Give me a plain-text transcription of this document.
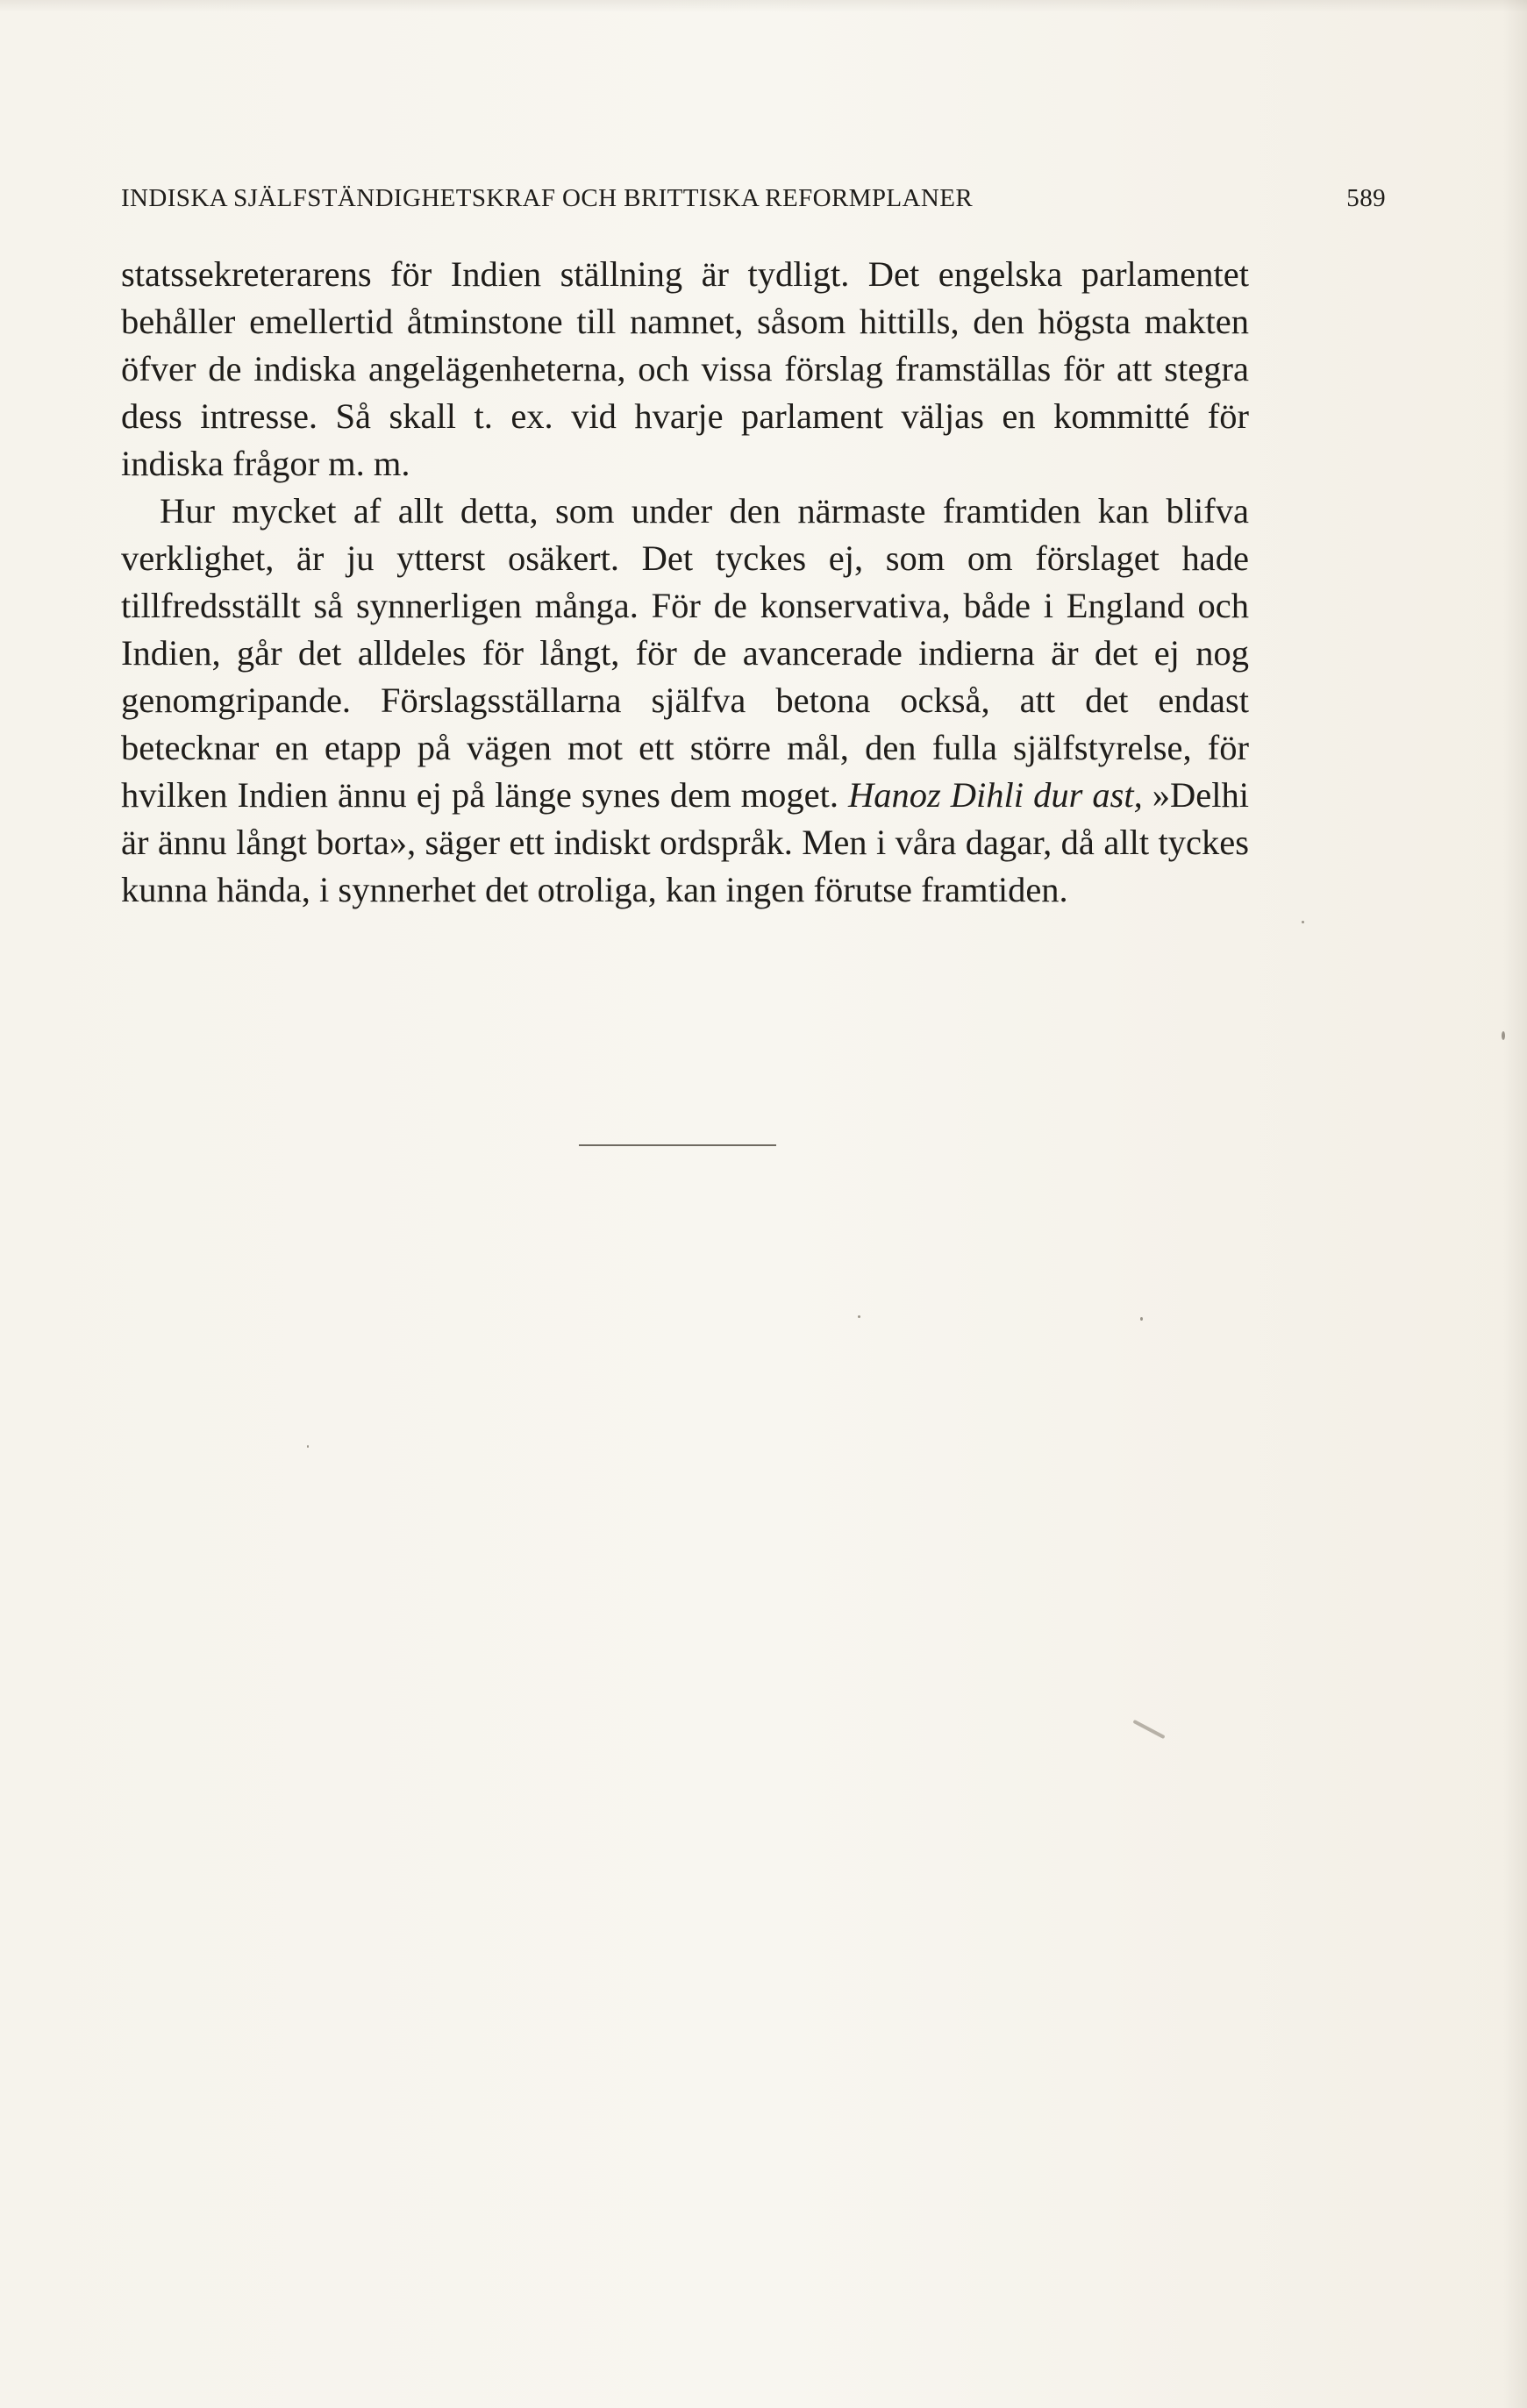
INDISKA SJÄLFSTÄNDIGHETSKRAF OCH BRITTISKA REFORMPLANER	589

statssekreterarens för Indien ställning är tydligt. Det engelska parlamentet behåller emellertid åtminstone till namnet, såsom hittills, den högsta makten öfver de indiska angelägenheterna, och vissa förslag framställas för att stegra dess intresse. Så skall t. ex. vid hvarje parlament väljas en kommitté för indiska frågor m. m.

Hur mycket af allt detta, som under den närmaste framtiden kan blifva verklighet, är ju ytterst osäkert. Det tyckes ej, som om förslaget hade tillfredsställt så synnerligen många. För de konservativa, både i England och Indien, går det alldeles för långt, för de avancerade indierna är det ej nog genomgripande. Förslagsställarna själfva betona också, att det endast betecknar en etapp på vägen mot ett större mål, den fulla själfstyrelse, för hvilken Indien ännu ej på länge synes dem moget. Hanoz Dihli dur ast, »Delhi är ännu långt borta», säger ett indiskt ordspråk. Men i våra dagar, då allt tyckes kunna hända, i synnerhet det otroliga, kan ingen förutse framtiden.
